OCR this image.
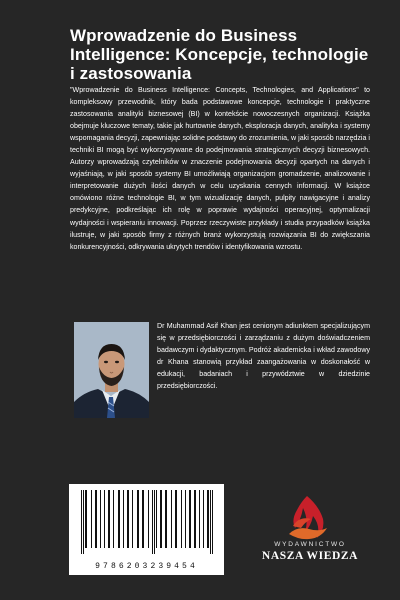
Wprowadzenie do Business Intelligence: Koncepcje, technologie i zastosowania

"Wprowadzenie do Business Intelligence: Concepts, Technologies, and Applications" to kompleksowy przewodnik, który bada podstawowe koncepcje, technologie i praktyczne zastosowania analityki biznesowej (BI) w kontekście nowoczesnych organizacji. Książka obejmuje kluczowe tematy, takie jak hurtownie danych, eksploracja danych, analityka i systemy wspomagania decyzji, zapewniając solidne podstawy do zrozumienia, w jaki sposób narzędzia i techniki BI mogą być wykorzystywane do podejmowania strategicznych decyzji biznesowych. Autorzy wprowadzają czytelników w znaczenie podejmowania decyzji opartych na danych i wyjaśniają, w jaki sposób systemy BI umożliwiają organizacjom gromadzenie, analizowanie i interpretowanie dużych ilości danych w celu uzyskania cennych informacji. W książce omówiono różne technologie BI, w tym wizualizację danych, pulpity nawigacyjne i analizy predykcyjne, podkreślając ich rolę w poprawie wydajności operacyjnej, optymalizacji wydajności i wspieraniu innowacji. Poprzez rzeczywiste przykłady i studia przypadków książka ilustruje, w jaki sposób firmy z różnych branż wykorzystują rozwiązania BI do zwiększania konkurencyjności, odkrywania ukrytych trendów i identyfikowania wzrostu.

Dr Muhammad Asif Khan jest cenionym adiunktem specjalizującym się w przedsiębiorczości i zarządzaniu z dużym doświadczeniem badawczym i dydaktycznym. Podróż akademicka i wkład zawodowy dr Khana stanowią przykład zaangażowania w doskonałość w edukacji, badaniach i przywództwie w dziedzinie przedsiębiorczości.

9786203239454
WYDAWNICTWO
NASZA WIEDZA
